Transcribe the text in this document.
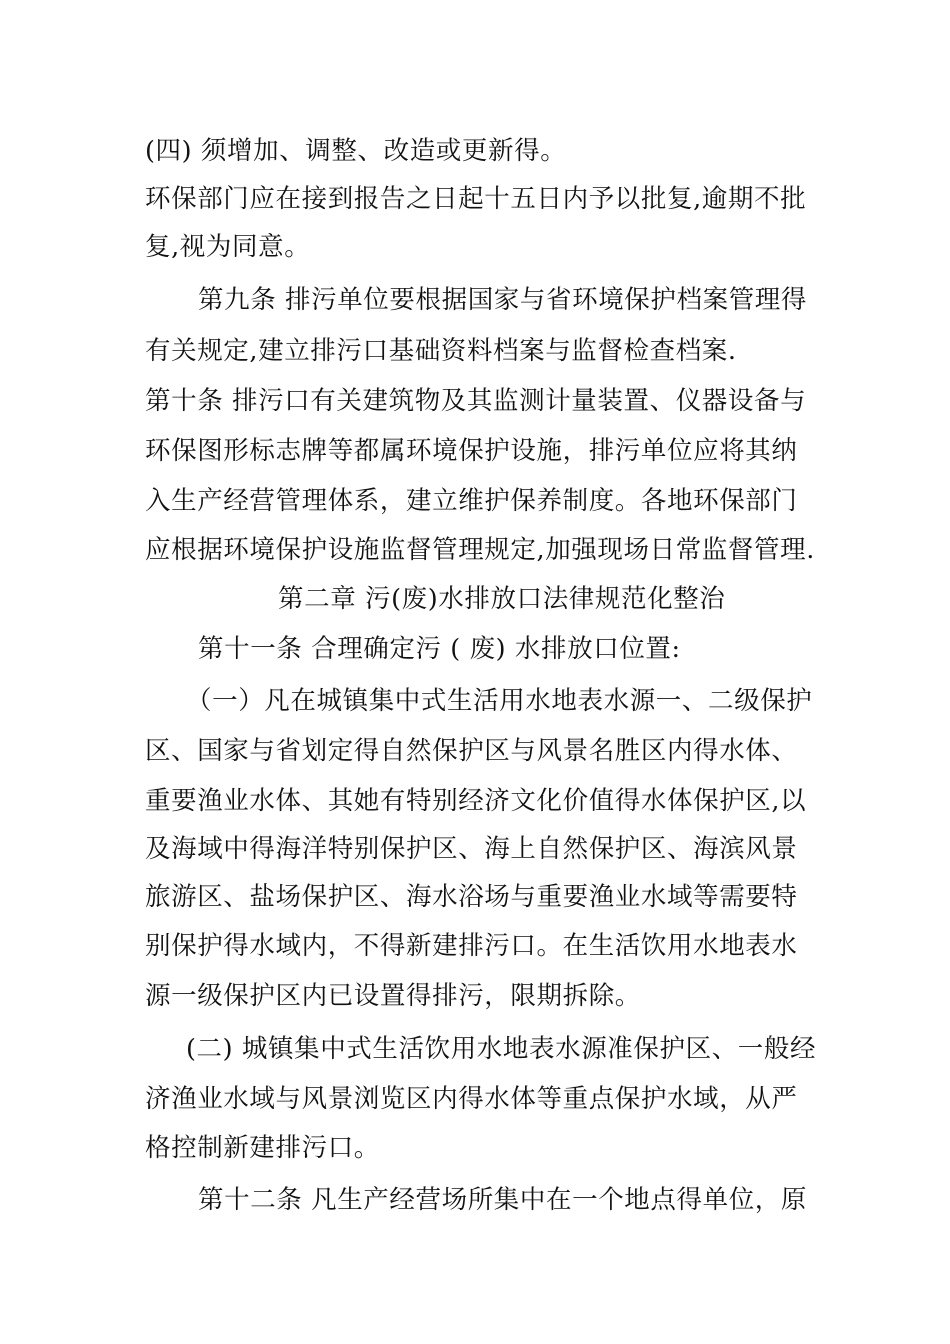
(四) 须增加、调整、改造或更新得。
环保部门应在接到报告之日起十五日内予以批复,逾期不批
复,视为同意。
第九条 排污单位要根据国家与省环境保护档案管理得
有关规定,建立排污口基础资料档案与监督检查档案.
第十条 排污口有关建筑物及其监测计量装置、仪器设备与
环保图形标志牌等都属环境保护设施，排污单位应将其纳
入生产经营管理体系，建立维护保养制度。各地环保部门
应根据环境保护设施监督管理规定,加强现场日常监督管理.
第二章 污(废)水排放口法律规范化整治
第十一条 合理确定污 ( 废) 水排放口位置:
（一）凡在城镇集中式生活用水地表水源一、二级保护
区、国家与省划定得自然保护区与风景名胜区内得水体、
重要渔业水体、其她有特别经济文化价值得水体保护区,以
及海域中得海洋特别保护区、海上自然保护区、海滨风景
旅游区、盐场保护区、海水浴场与重要渔业水域等需要特
别保护得水域内，不得新建排污口。在生活饮用水地表水
源一级保护区内已设置得排污，限期拆除。
(二) 城镇集中式生活饮用水地表水源准保护区、一般经
济渔业水域与风景浏览区内得水体等重点保护水域，从严
格控制新建排污口。
第十二条 凡生产经营场所集中在一个地点得单位，原
